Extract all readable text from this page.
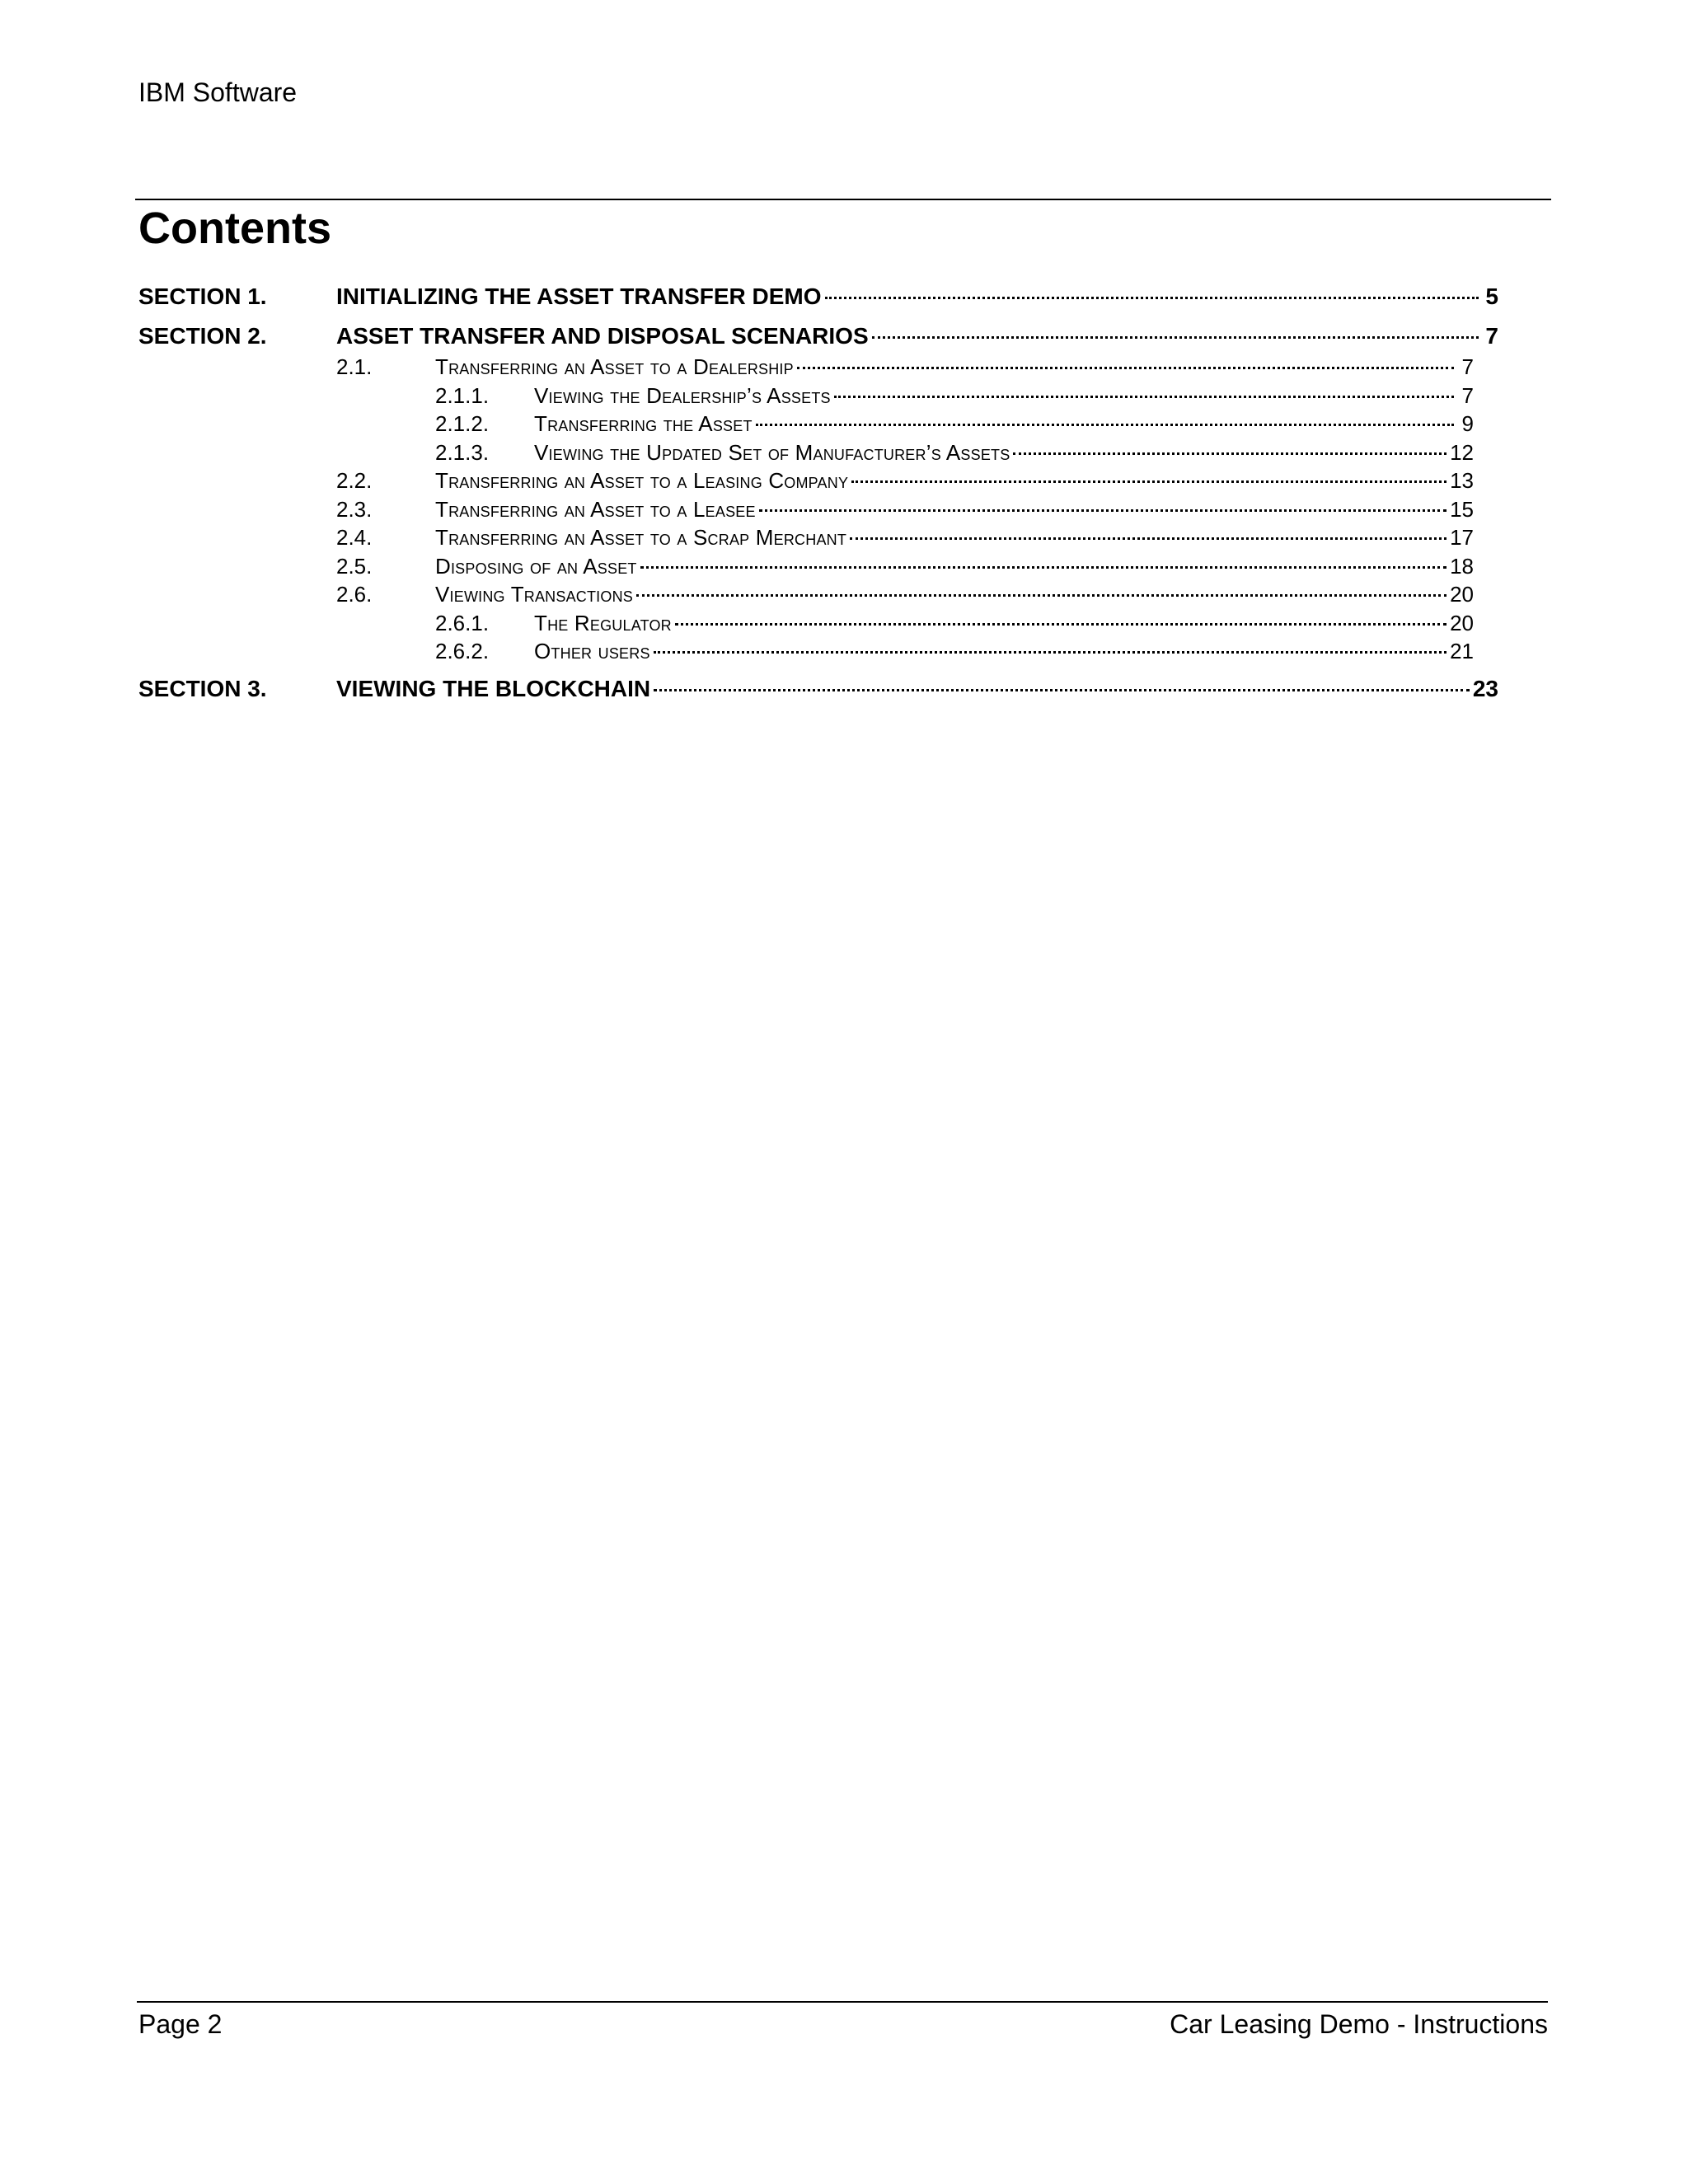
IBM Software
Contents
SECTION 1.	INITIALIZING THE ASSET TRANSFER DEMO	5
SECTION 2.	ASSET TRANSFER AND DISPOSAL SCENARIOS	7
2.1.	Transferring an Asset to a Dealership	7
2.1.1.	Viewing the Dealership’s Assets	7
2.1.2.	Transferring the Asset	9
2.1.3.	Viewing the Updated Set of Manufacturer’s Assets	12
2.2.	Transferring an Asset to a Leasing Company	13
2.3.	Transferring an Asset to a Leasee	15
2.4.	Transferring an Asset to a Scrap Merchant	17
2.5.	Disposing of an Asset	18
2.6.	Viewing Transactions	20
2.6.1.	The Regulator	20
2.6.2.	Other users	21
SECTION 3.	VIEWING THE BLOCKCHAIN	23
Page 2	Car Leasing Demo - Instructions
